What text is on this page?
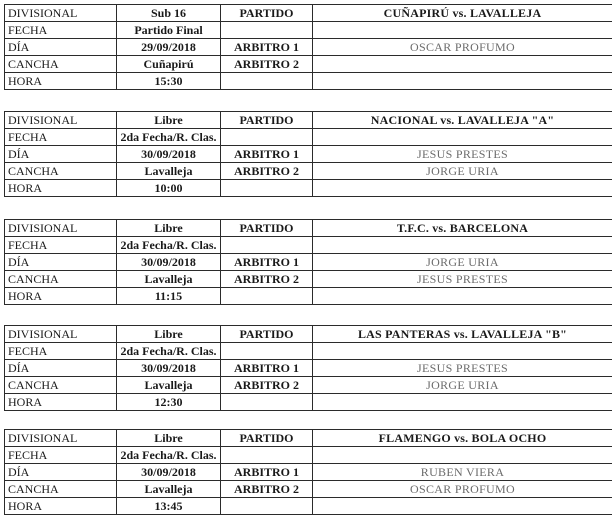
DIVISIONAL	Sub 16	PARTIDO	CUÑAPIRÚ vs. LAVALLEJA
FECHA	Partido Final		
DÍA	29/09/2018	ARBITRO 1	OSCAR PROFUMO
CANCHA	Cuñapirú	ARBITRO 2	
HORA	15:30		
DIVISIONAL	Libre	PARTIDO	NACIONAL vs. LAVALLEJA "A"
FECHA	2da Fecha/R. Clas.		
DÍA	30/09/2018	ARBITRO 1	JESUS PRESTES
CANCHA	Lavalleja	ARBITRO 2	JORGE URIA
HORA	10:00		
DIVISIONAL	Libre	PARTIDO	T.F.C. vs. BARCELONA
FECHA	2da Fecha/R. Clas.		
DÍA	30/09/2018	ARBITRO 1	JORGE URIA
CANCHA	Lavalleja	ARBITRO 2	JESUS PRESTES
HORA	11:15		
DIVISIONAL	Libre	PARTIDO	LAS PANTERAS vs. LAVALLEJA "B"
FECHA	2da Fecha/R. Clas.		
DÍA	30/09/2018	ARBITRO 1	JESUS PRESTES
CANCHA	Lavalleja	ARBITRO 2	JORGE URIA
HORA	12:30		
DIVISIONAL	Libre	PARTIDO	FLAMENGO vs. BOLA OCHO
FECHA	2da Fecha/R. Clas.		
DÍA	30/09/2018	ARBITRO 1	RUBEN VIERA
CANCHA	Lavalleja	ARBITRO 2	OSCAR PROFUMO
HORA	13:45		
